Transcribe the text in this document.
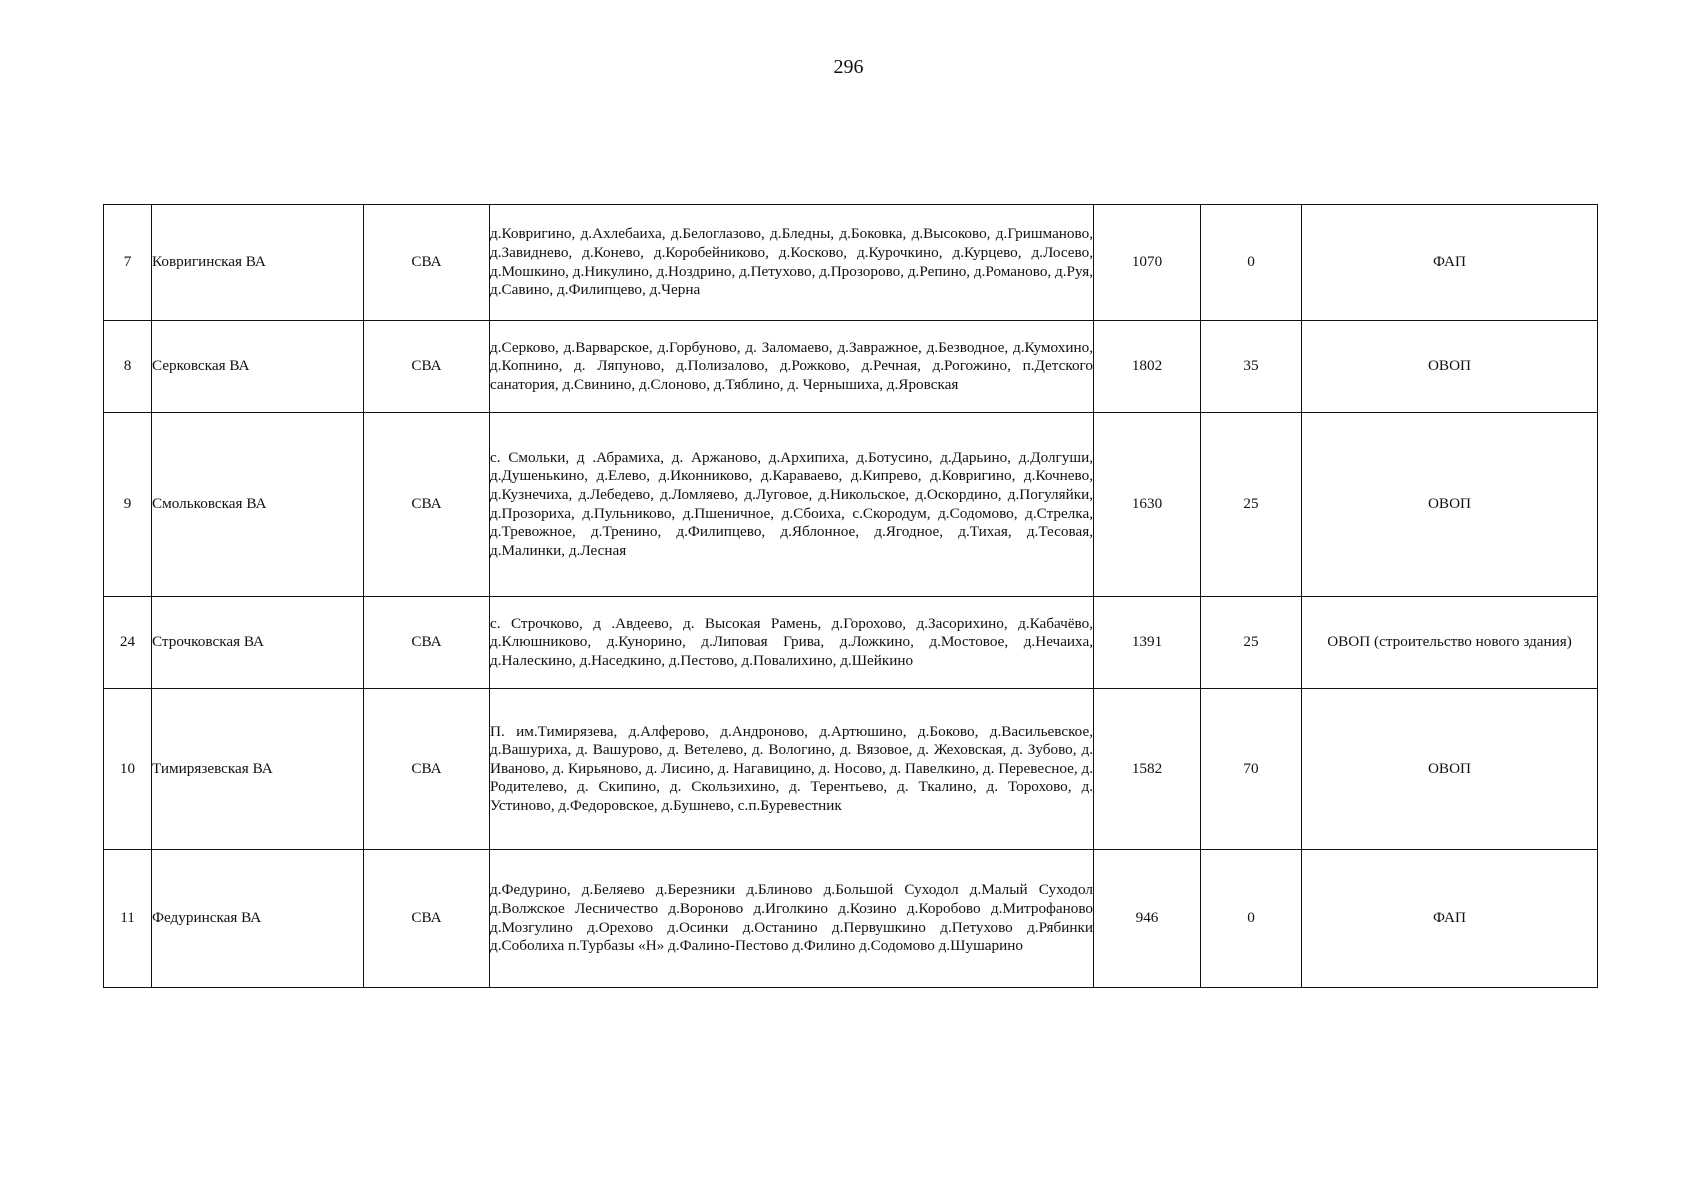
296
7	Ковригинская ВА	СВА	д.Ковригино, д.Ахлебаиха, д.Белоглазово, д.Бледны, д.Боковка, д.Высоково, д.Гришманово, д.Завиднево, д.Конево, д.Коробейниково, д.Косково, д.Курочкино, д.Курцево, д.Лосево, д.Мошкино, д.Никулино, д.Ноздрино, д.Петухово, д.Прозорово, д.Репино, д.Романово, д.Руя, д.Савино, д.Филипцево, д.Черна	1070	0	ФАП
8	Серковская ВА	СВА	д.Серково, д.Варварское, д.Горбуново, д. Заломаево, д.Завражное, д.Безводное, д.Кумохино, д.Копнино, д. Ляпуново, д.Полизалово, д.Рожково, д.Речная, д.Рогожино, п.Детского санатория, д.Свинино, д.Слоново, д.Тяблино, д. Чернышиха, д.Яровская	1802	35	ОВОП
9	Смольковская ВА	СВА	с. Смольки, д .Абрамиха, д. Аржаново, д.Архипиха, д.Ботусино, д.Дарьино, д.Долгуши, д.Душенькино, д.Елево, д.Иконниково, д.Караваево, д.Кипрево, д.Ковригино, д.Кочнево, д.Кузнечиха, д.Лебедево, д.Ломляево, д.Луговое, д.Никольское, д.Оскордино, д.Погуляйки, д.Прозориха, д.Пульниково, д.Пшеничное, д.Сбоиха, с.Скородум, д.Содомово, д.Стрелка, д.Тревожное, д.Тренино, д.Филипцево, д.Яблонное, д.Ягодное, д.Тихая, д.Тесовая, д.Малинки, д.Лесная	1630	25	ОВОП
24	Строчковская ВА	СВА	с. Строчково, д .Авдеево, д. Высокая Рамень, д.Горохово, д.Засорихино, д.Кабачёво, д.Клюшниково, д.Кунорино, д.Липовая Грива, д.Ложкино, д.Мостовое, д.Нечаиха, д.Налескино, д.Наседкино, д.Пестово, д.Повалихино, д.Шейкино	1391	25	ОВОП (строительство нового здания)
10	Тимирязевская ВА	СВА	П. им.Тимирязева, д.Алферово, д.Андроново, д.Артюшино, д.Боково, д.Васильевское, д.Вашуриха, д. Вашурово, д. Ветелево, д. Вологино, д. Вязовое, д. Жеховская, д. Зубово, д. Иваново, д. Кирьяново, д. Лисино, д. Нагавицино, д. Носово, д. Павелкино, д. Перевесное, д. Родителево, д. Скипино, д. Скользихино, д. Терентьево, д. Ткалино, д. Торохово, д. Устиново, д.Федоровское, д.Бушнево, с.п.Буревестник	1582	70	ОВОП
11	Федуринская ВА	СВА	д.Федурино, д.Беляево д.Березники д.Блиново д.Большой Суходол д.Малый Суходол д.Волжское Лесничество д.Вороново д.Иголкино д.Козино д.Коробово д.Митрофаново д.Мозгулино д.Орехово д.Осинки д.Останино д.Первушкино д.Петухово д.Рябинки д.Соболиха п.Турбазы «Н» д.Фалино-Пестово д.Филино д.Содомово д.Шушарино	946	0	ФАП
